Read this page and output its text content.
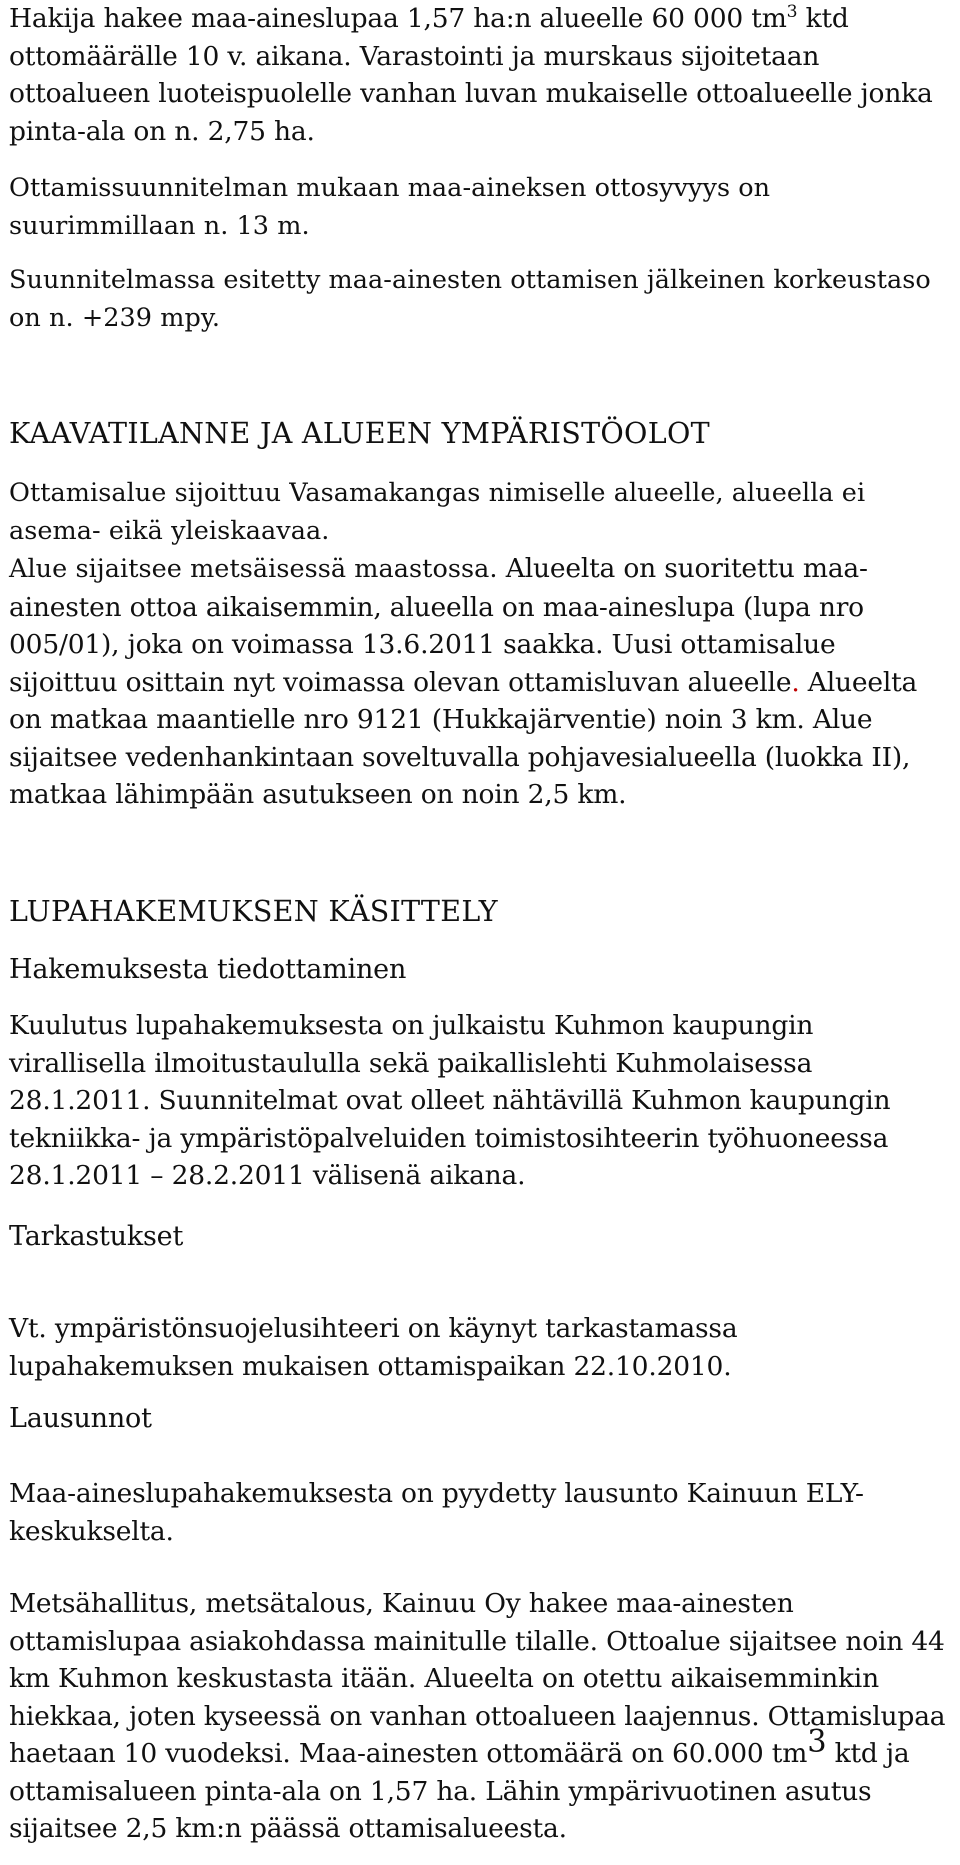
Hakija hakee maa-aineslupaa 1,57 ha:n alueelle 60 000 $tm^3$ ktd ottomäärälle 10 v. aikana. Varastointi ja murskaus sijoitetaan ottoalueen luoteispuolelle vanhan luvan mukaiselle ottoalueelle jonka pinta-ala on n. 2,75 ha.

Ottamissuunnitelman mukaan maa-aineksen ottosyvyys on suurimmillaan n. 13 m.

Suunnitelmassa esitetty maa-ainesten ottamisen jälkeinen korkeustaso on n. +239 mpy.

KAAVATILANNE JA ALUEEN YMPÄRISTÖOLOT

Ottamisalue sijoittuu Vasamakangas nimiselle alueelle, alueella ei asema- eikä yleiskaavaa.

Alue sijaitsee metsäisessä maastossa. Alueelta on suoritettu maa-ainesten ottoa aikaisemmin, alueella on maa-aineslupa (lupa nro 005/01), joka on voimassa 13.6.2011 saakka. Uusi ottamisalue sijoittuu osittain nyt voimassa olevan ottamisluvan alueelle. Alueelta on matkaa maantielle nro 9121 (Hukkajärventie) noin 3 km. Alue sijaitsee vedenhankintaan soveltuvalla pohjavesialueella (luokka II), matkaa lähimpään asutukseen on noin 2,5 km.

LUPAHAKEMUKSEN KÄSITTELY
Hakemuksesta tiedottaminen

Kuulutus lupahakemuksesta on julkaistu Kuhmon kaupungin virallisella ilmoitustaululla sekä paikallislehti Kuhmolaisessa 28.1.2011. Suunnitelmat ovat olleet nähtävillä Kuhmon kaupungin tekniikka- ja ympäristöpalveluiden toimistosihteerin työhuoneessa 28.1.2011 – 28.2.2011 välisenä aikana.

Tarkastukset

Vt. ympäristönsuojelusihteeri on käynyt tarkastamassa lupahakemuksen mukaisen ottamispaikan 22.10.2010.

Lausunnot

Maa-aineslupahakemuksesta on pyydetty lausunto Kainuun ELY-keskukselta.

Metsähallitus, metsätalous, Kainuu Oy hakee maa-ainesten ottamislupaa asiakohdassa mainitulle tilalle. Ottoalue sijaitsee noin 44 km Kuhmon keskustasta itään. Alueelta on otettu aikaisemminkin hiekkaa, joten kyseessä on vanhan ottoalueen laajennus. Ottamislupaa haetaan 10 vuodeksi. Maa-ainesten ottomäärä on 60.000 tm3 ktd ja ottamisalueen pinta-ala on 1,57 ha. Lähin ympärivuotinen asutus sijaitsee 2,5 km:n päässä ottamisalueesta.
